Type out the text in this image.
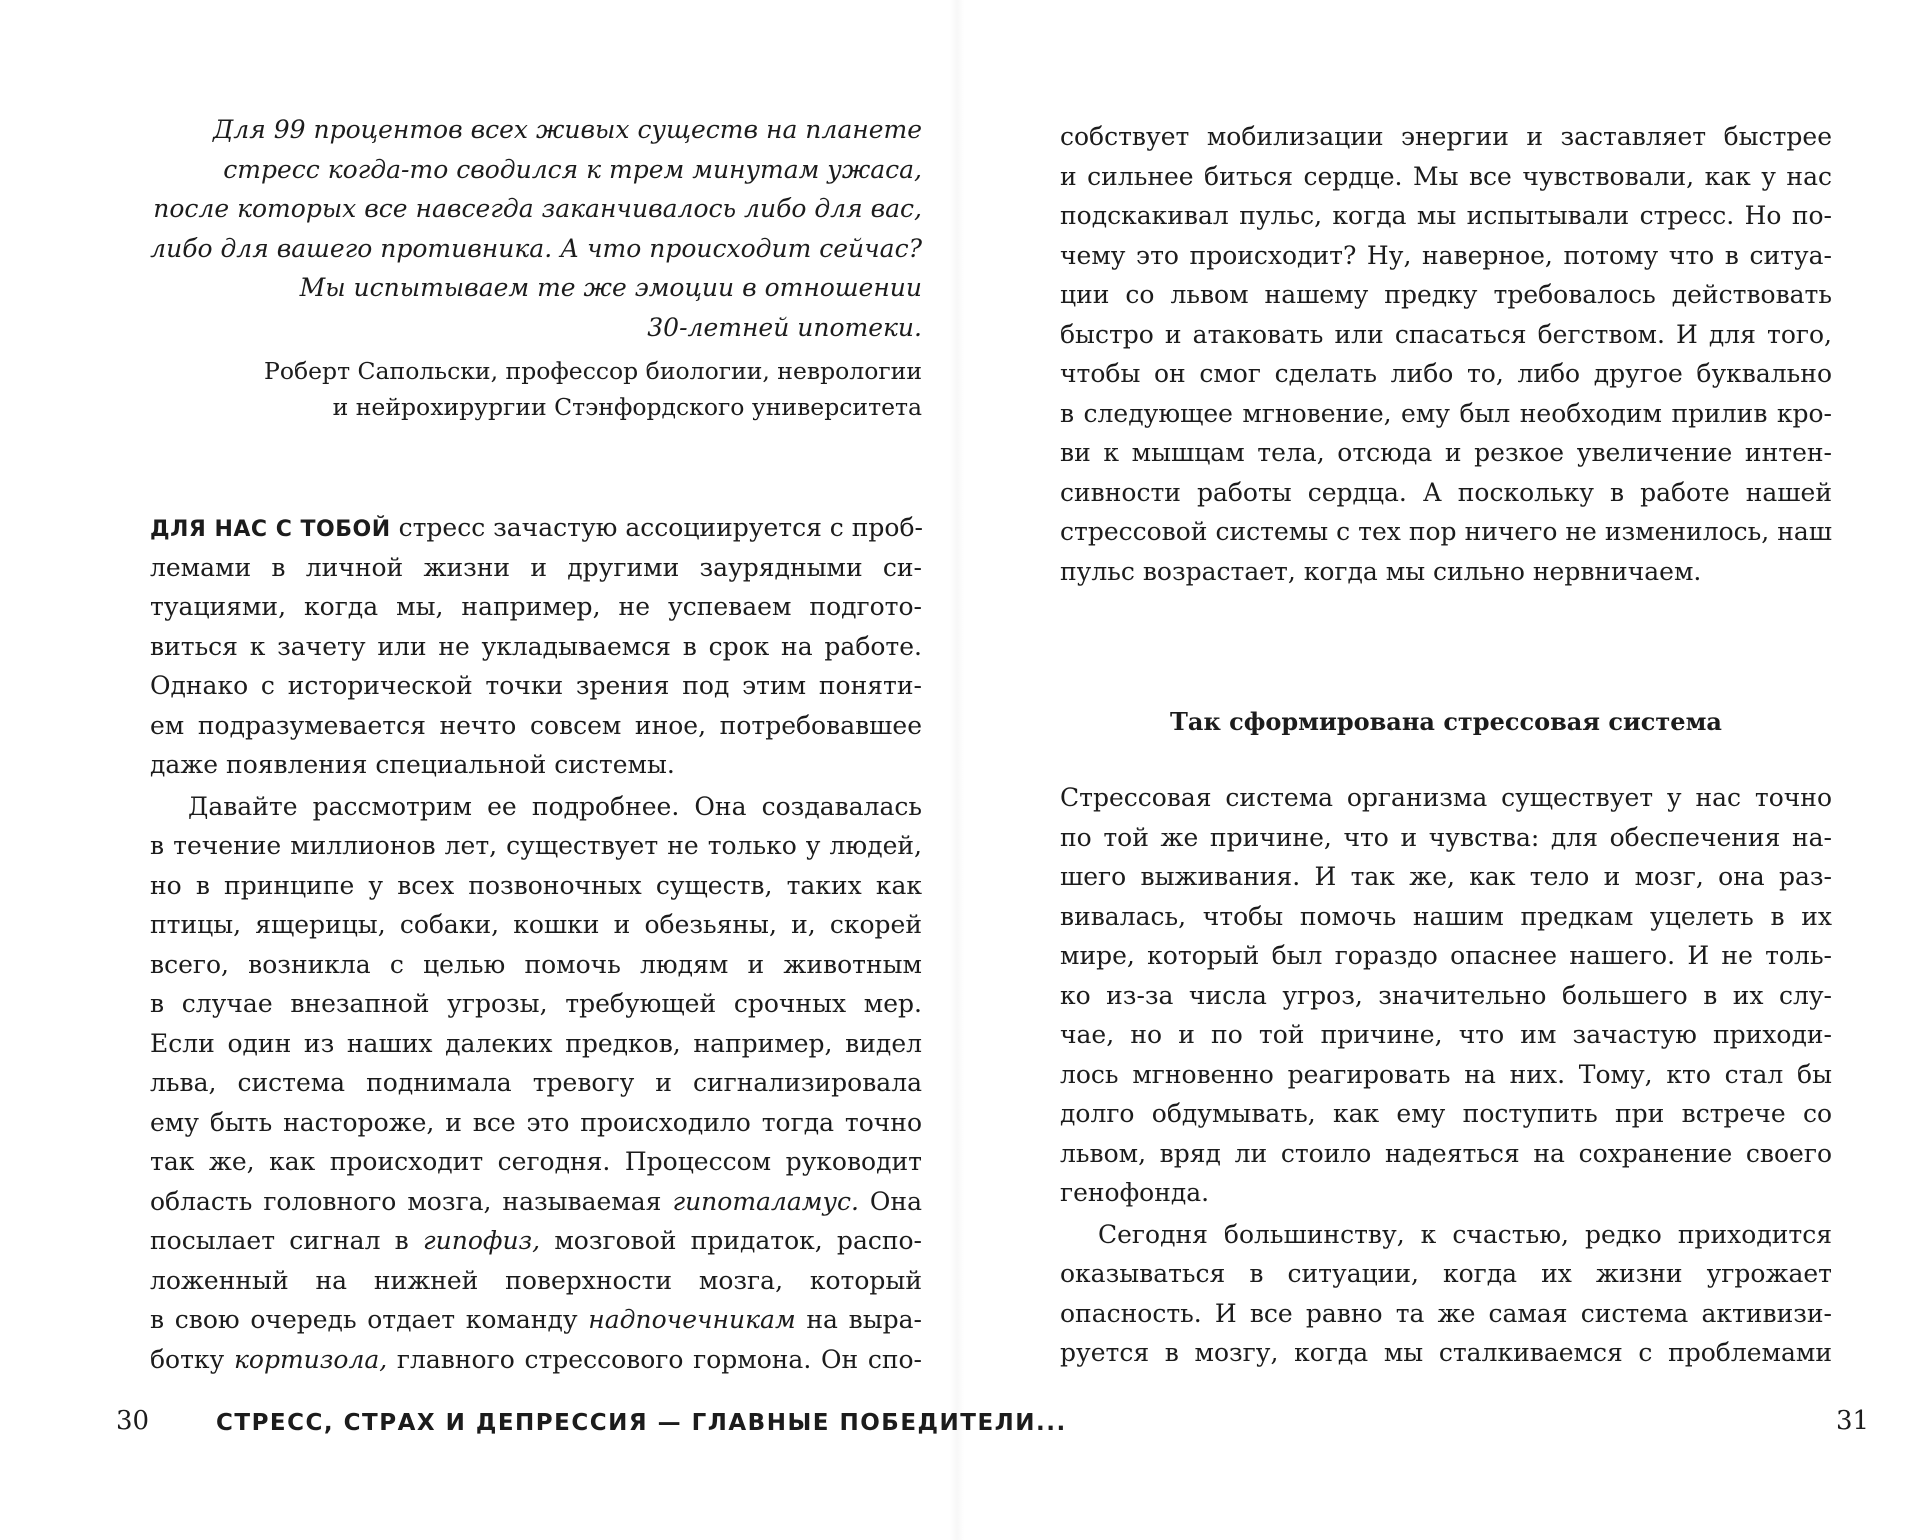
Для 99 процентов всех живых существ на планете
стресс когда-то сводился к трем минутам ужаса,
после которых все навсегда заканчивалось либо для вас,
либо для вашего противника. А что происходит сейчас?
Мы испытываем те же эмоции в отношении
30-летней ипотеки.
Роберт Сапольски, профессор биологии, неврологии
и нейрохирургии Стэнфордского университета
ДЛЯ НАС С ТОБОЙ стресс зачастую ассоциируется с проб-
лемами в личной жизни и другими заурядными си-
туациями, когда мы, например, не успеваем подгото-
виться к зачету или не укладываемся в срок на работе.
Однако с исторической точки зрения под этим поняти-
ем подразумевается нечто совсем иное, потребовавшее
даже появления специальной системы.
Давайте рассмотрим ее подробнее. Она создавалась
в течение миллионов лет, существует не только у людей,
но в принципе у всех позвоночных существ, таких как
птицы, ящерицы, собаки, кошки и обезьяны, и, скорей
всего, возникла с целью помочь людям и животным
в случае внезапной угрозы, требующей срочных мер.
Если один из наших далеких предков, например, видел
льва, система поднимала тревогу и сигнализировала
ему быть настороже, и все это происходило тогда точно
так же, как происходит сегодня. Процессом руководит
область головного мозга, называемая гипоталамус. Она
посылает сигнал в гипофиз, мозговой придаток, распо-
ложенный на нижней поверхности мозга, который
в свою очередь отдает команду надпочечникам на выра-
ботку кортизола, главного стрессового гормона. Он спо-
30	СТРЕСС, СТРАХ И ДЕПРЕССИЯ — ГЛАВНЫЕ ПОБЕДИТЕЛИ...
собствует мобилизации энергии и заставляет быстрее
и сильнее биться сердце. Мы все чувствовали, как у нас
подскакивал пульс, когда мы испытывали стресс. Но по-
чему это происходит? Ну, наверное, потому что в ситуа-
ции со львом нашему предку требовалось действовать
быстро и атаковать или спасаться бегством. И для того,
чтобы он смог сделать либо то, либо другое буквально
в следующее мгновение, ему был необходим прилив кро-
ви к мышцам тела, отсюда и резкое увеличение интен-
сивности работы сердца. А поскольку в работе нашей
стрессовой системы с тех пор ничего не изменилось, наш
пульс возрастает, когда мы сильно нервничаем.
Так сформирована стрессовая система
Стрессовая система организма существует у нас точно
по той же причине, что и чувства: для обеспечения на-
шего выживания. И так же, как тело и мозг, она раз-
вивалась, чтобы помочь нашим предкам уцелеть в их
мире, который был гораздо опаснее нашего. И не толь-
ко из-за числа угроз, значительно большего в их слу-
чае, но и по той причине, что им зачастую приходи-
лось мгновенно реагировать на них. Тому, кто стал бы
долго обдумывать, как ему поступить при встрече со
львом, вряд ли стоило надеяться на сохранение своего
генофонда.
Сегодня большинству, к счастью, редко приходится
оказываться в ситуации, когда их жизни угрожает
опасность. И все равно та же самая система активизи-
руется в мозгу, когда мы сталкиваемся с проблемами
31
